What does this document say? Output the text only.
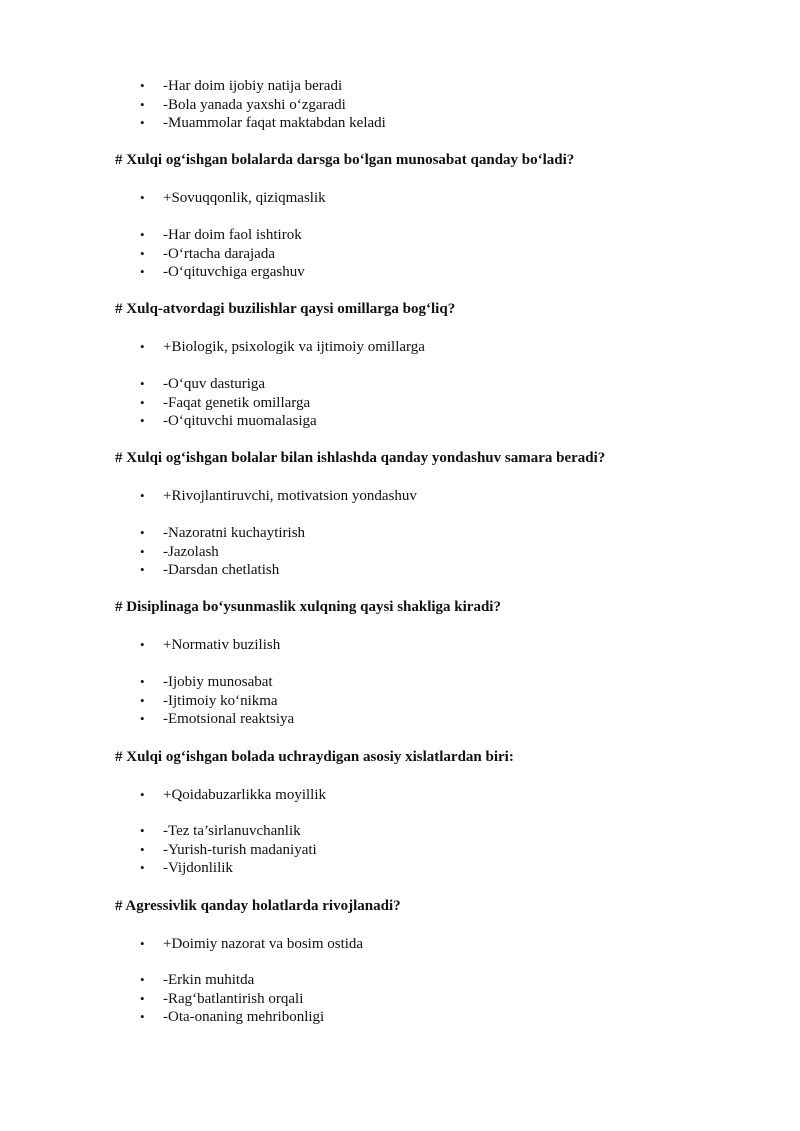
• -Har doim ijobiy natija beradi
• -Bola yanada yaxshi o‘zgaradi
• -Muammolar faqat maktabdan keladi
# Xulqi og‘ishgan bolalarda darsga bo‘lgan munosabat qanday bo‘ladi?
• +Sovuqqonlik, qiziqmaslik
• -Har doim faol ishtirok
• -O‘rtacha darajada
• -O‘qituvchiga ergashuv
# Xulq-atvordagi buzilishlar qaysi omillarga bog‘liq?
• +Biologik, psixologik va ijtimoiy omillarga
• -O‘quv dasturiga
• -Faqat genetik omillarga
• -O‘qituvchi muomalasiga
# Xulqi og‘ishgan bolalar bilan ishlashda qanday yondashuv samara beradi?
• +Rivojlantiruvchi, motivatsion yondashuv
• -Nazoratni kuchaytirish
• -Jazolash
• -Darsdan chetlatish
# Disiplinaga bo‘ysunmaslik xulqning qaysi shakliga kiradi?
• +Normativ buzilish
• -Ijobiy munosabat
• -Ijtimoiy ko‘nikma
• -Emotsional reaktsiya
# Xulqi og‘ishgan bolada uchraydigan asosiy xislatlardan biri:
• +Qoidabuzarlikka moyillik
• -Tez ta’sirlanuvchanlik
• -Yurish-turish madaniyati
• -Vijdonlilik
# Agressivlik qanday holatlarda rivojlanadi?
• +Doimiy nazorat va bosim ostida
• -Erkin muhitda
• -Rag‘batlantirish orqali
• -Ota-onaning mehribonligi
